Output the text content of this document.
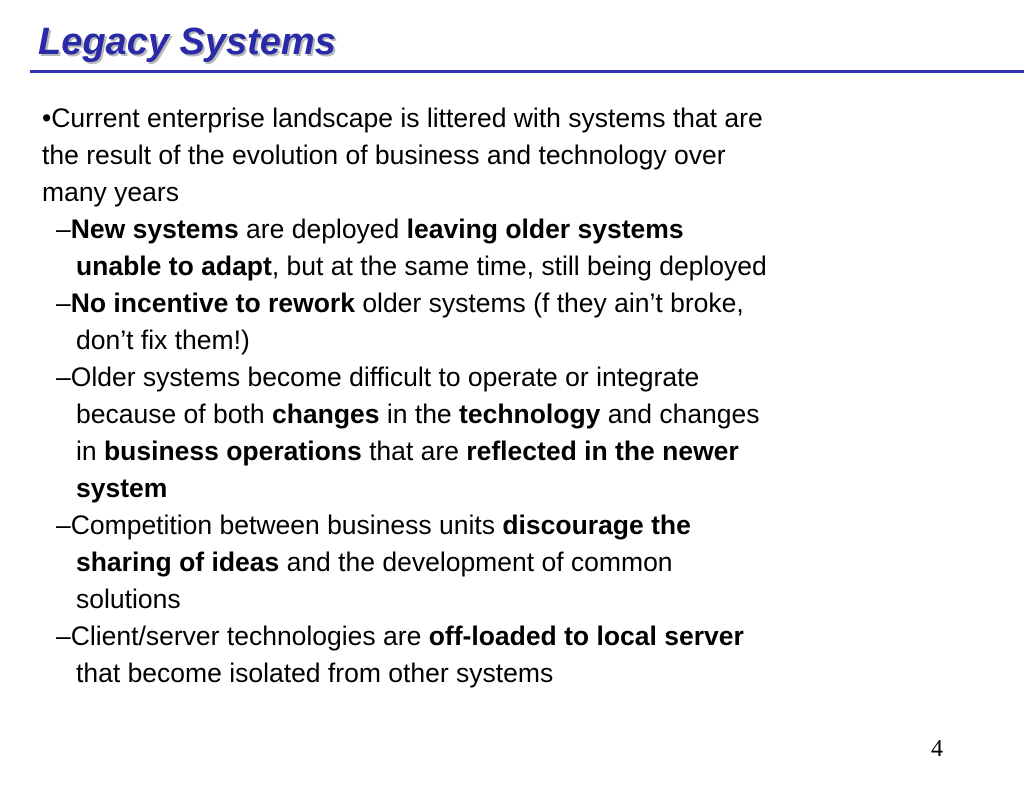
Legacy Systems
•Current enterprise landscape is littered with systems that are
the result of the evolution of business and technology over
many years
–New systems are deployed leaving older systems
unable to adapt, but at the same time, still being deployed
–No incentive to rework older systems (f they ain’t broke,
don’t fix them!)
–Older systems become difficult to operate or integrate
because of both changes in the technology and changes
in business operations that are reflected in the newer
system
–Competition between business units discourage the
sharing of ideas and the development of common
solutions
–Client/server technologies are off-loaded to local server
that become isolated from other systems
4
